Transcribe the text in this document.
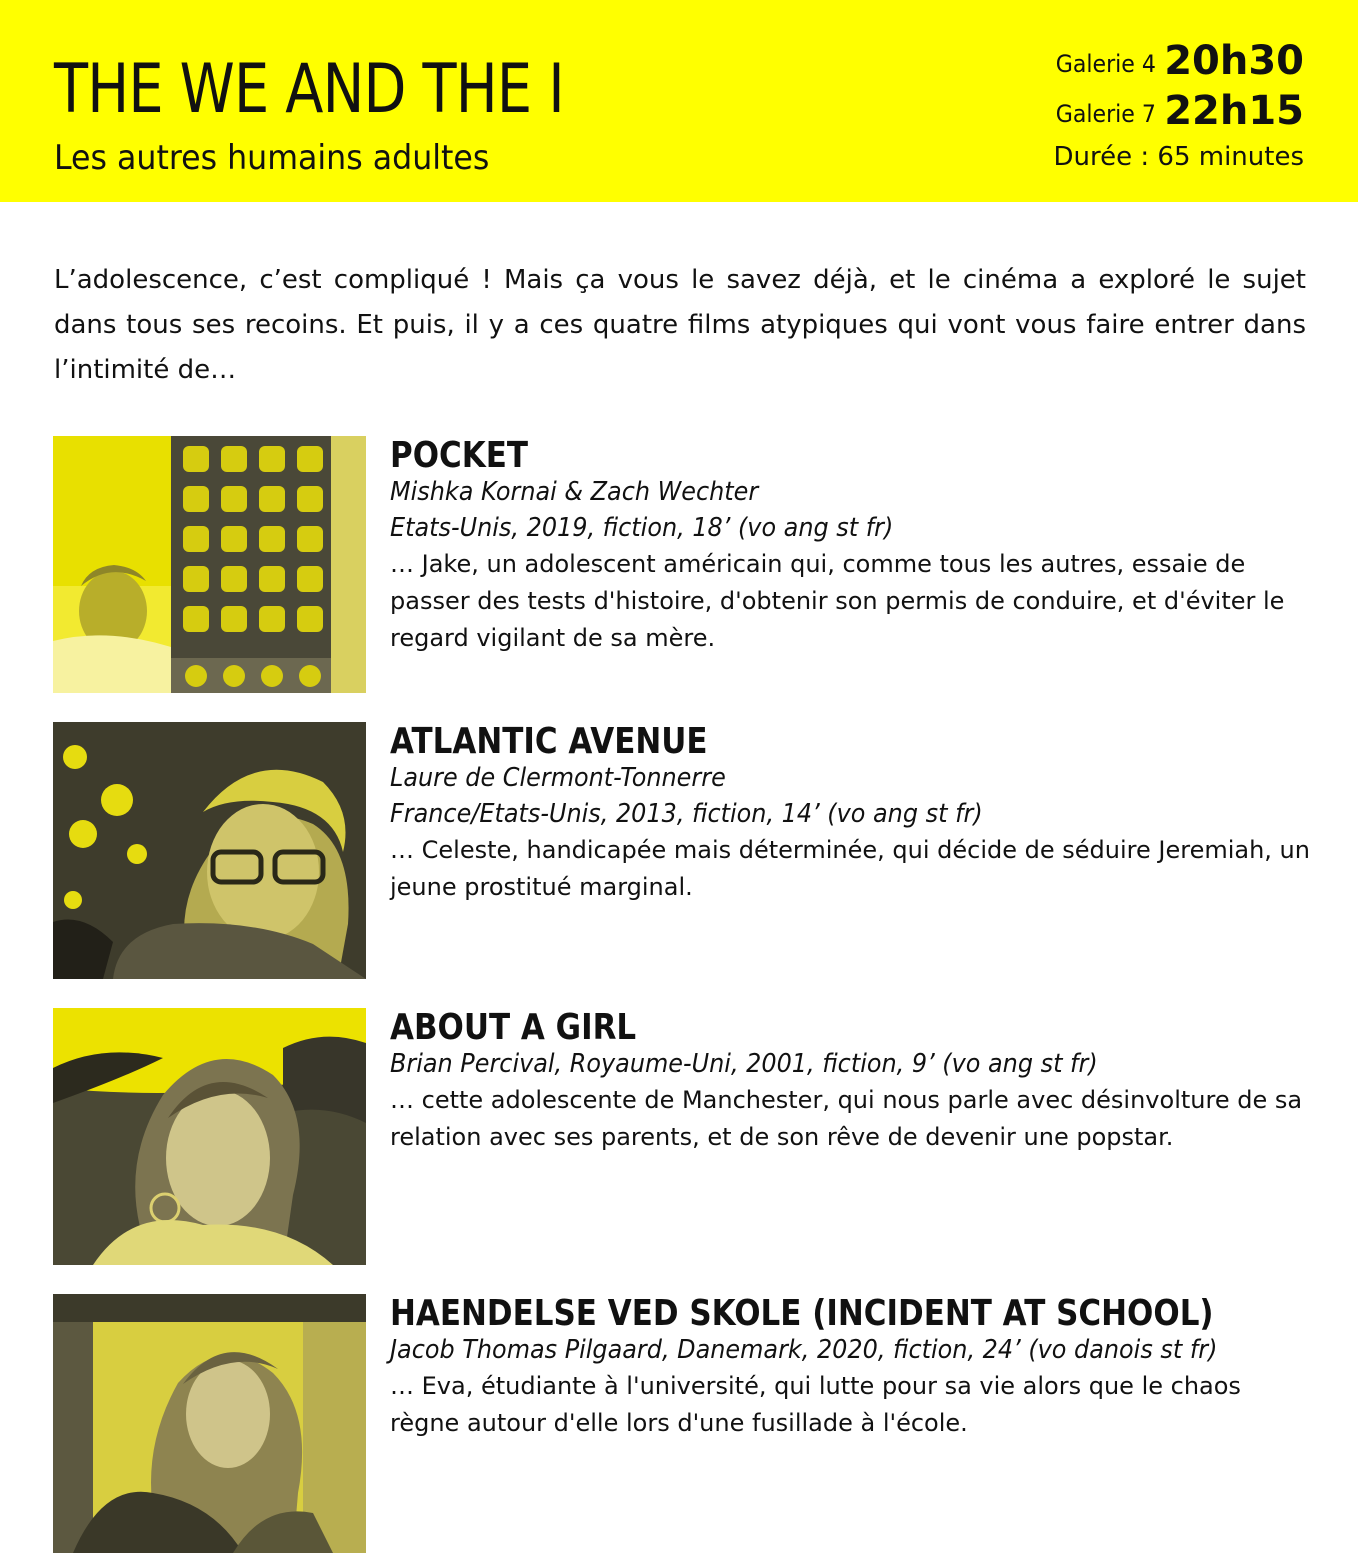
THE WE AND THE I
Les autres humains adultes
Galerie 4 20h30
Galerie 7 22h15
Durée : 65 minutes

L’adolescence, c’est compliqué ! Mais ça vous le savez déjà, et le cinéma a exploré le sujet dans tous ses recoins. Et puis, il y a ces quatre films atypiques qui vont vous faire entrer dans l’intimité de…

POCKET

Mishka Kornai & Zach Wechter

Etats-Unis, 2019, fiction, 18’ (vo ang st fr)

… Jake, un adolescent américain qui, comme tous les autres, essaie de passer des tests d'histoire, d'obtenir son permis de conduire, et d'éviter le regard vigilant de sa mère.

ATLANTIC AVENUE

Laure de Clermont-Tonnerre

France/Etats-Unis, 2013, fiction, 14’ (vo ang st fr)

… Celeste, handicapée mais déterminée, qui décide de séduire Jeremiah, un jeune prostitué marginal.

ABOUT A GIRL

Brian Percival, Royaume-Uni, 2001, fiction, 9’ (vo ang st fr)

… cette adolescente de Manchester, qui nous parle avec désinvolture de sa relation avec ses parents, et de son rêve de devenir une popstar.

HAENDELSE VED SKOLE (INCIDENT AT SCHOOL)

Jacob Thomas Pilgaard, Danemark, 2020, fiction, 24’ (vo danois st fr)

… Eva, étudiante à l'université, qui lutte pour sa vie alors que le chaos règne autour d'elle lors d'une fusillade à l'école.
